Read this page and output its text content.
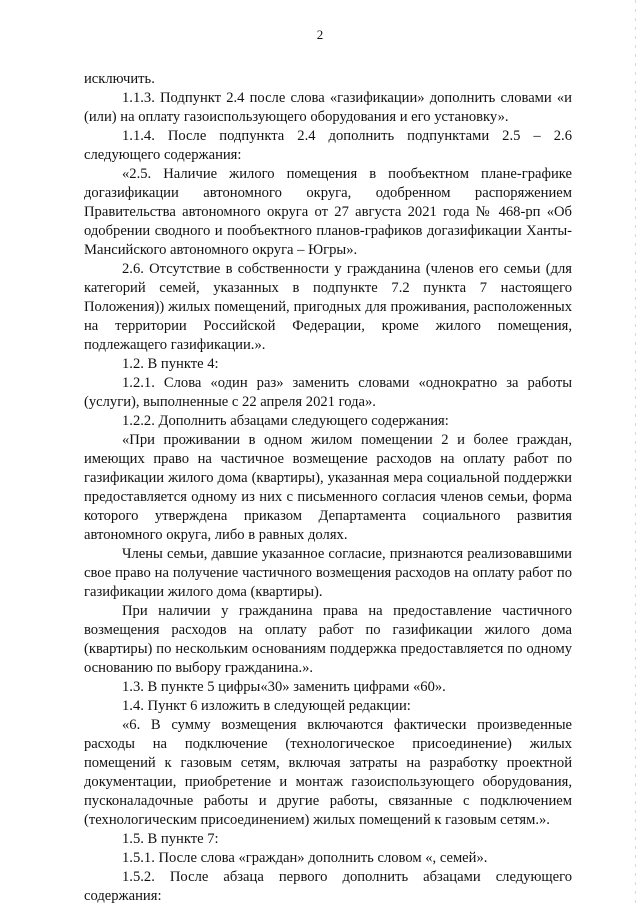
2

исключить.

1.1.3. Подпункт 2.4 после слова «газификации» дополнить словами «и (или) на оплату газоиспользующего оборудования и его установку».

1.1.4. После подпункта 2.4 дополнить подпунктами 2.5 – 2.6 следующего содержания:

«2.5. Наличие жилого помещения в пообъектном плане-графике догазификации автономного округа, одобренном распоряжением Правительства автономного округа от 27 августа 2021 года № 468-рп «Об одобрении сводного и пообъектного планов-графиков догазификации Ханты-Мансийского автономного округа – Югры».

2.6. Отсутствие в собственности у гражданина (членов его семьи (для категорий семей, указанных в подпункте 7.2 пункта 7 настоящего Положения)) жилых помещений, пригодных для проживания, расположенных на территории Российской Федерации, кроме жилого помещения, подлежащего газификации.».

1.2. В пункте 4:

1.2.1. Слова «один раз» заменить словами «однократно за работы (услуги), выполненные с 22 апреля 2021 года».

1.2.2. Дополнить абзацами следующего содержания:

«При проживании в одном жилом помещении 2 и более граждан, имеющих право на частичное возмещение расходов на оплату работ по газификации жилого дома (квартиры), указанная мера социальной поддержки предоставляется одному из них с письменного согласия членов семьи, форма которого утверждена приказом Департамента социального развития автономного округа, либо в равных долях.

Члены семьи, давшие указанное согласие, признаются реализовавшими свое право на получение частичного возмещения расходов на оплату работ по газификации жилого дома (квартиры).

При наличии у гражданина права на предоставление частичного возмещения расходов на оплату работ по газификации жилого дома (квартиры) по нескольким основаниям поддержка предоставляется по одному основанию по выбору гражданина.».

1.3. В пункте 5 цифры«30» заменить цифрами «60».

1.4. Пункт 6 изложить в следующей редакции:

«6. В сумму возмещения включаются фактически произведенные расходы на подключение (технологическое присоединение) жилых помещений к газовым сетям, включая затраты на разработку проектной документации, приобретение и монтаж газоиспользующего оборудования, пусконаладочные работы и другие работы, связанные с подключением (технологическим присоединением) жилых помещений к газовым сетям.».

1.5. В пункте 7:

1.5.1. После слова «граждан» дополнить словом «, семей».

1.5.2. После абзаца первого дополнить абзацами следующего содержания:
